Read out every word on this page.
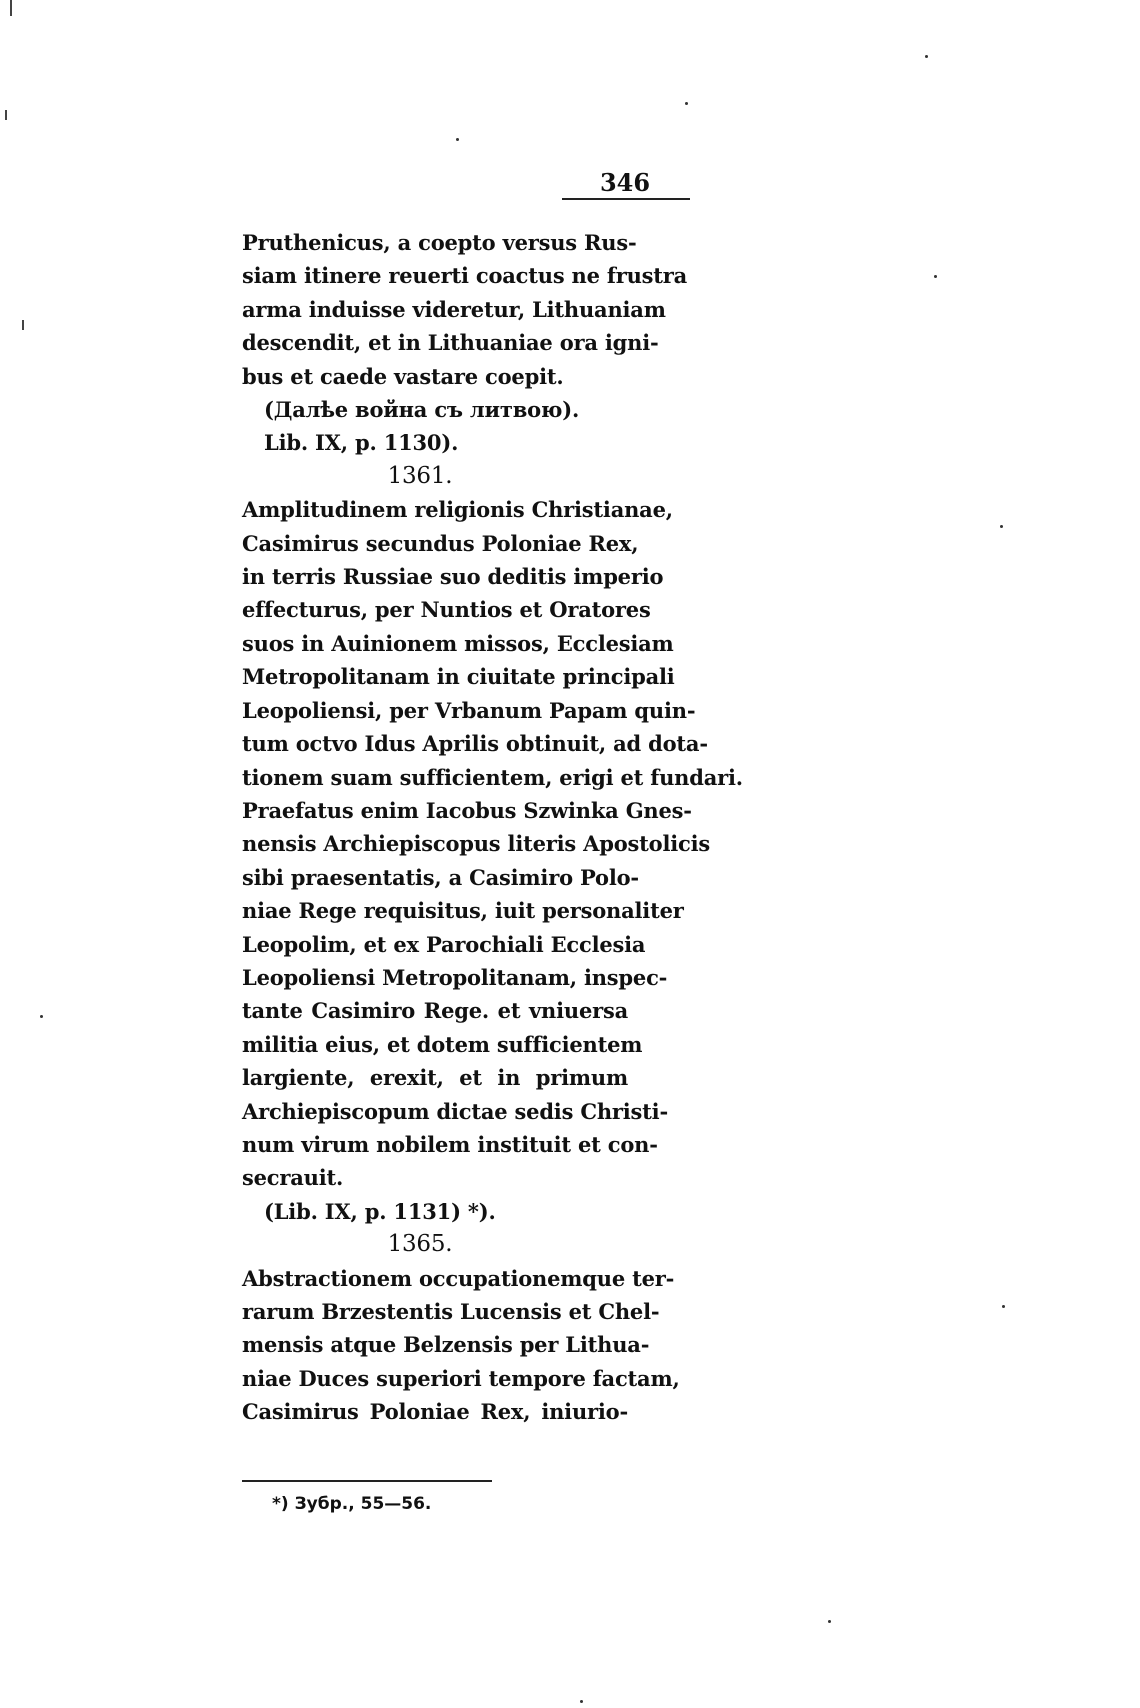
346
Pruthenicus, a coepto versus Rus-
siam itinere reuerti coactus ne frustra
arma induisse videretur, Lithuaniam
descendit, et in Lithuaniae ora igni-
bus et caede vastare coepit.
(Далѣе война съ литвою).
Lib. IX, p. 1130).
1361.
Amplitudinem religionis Christianae,
Casimirus secundus Poloniae Rex,
in terris Russiae suo deditis imperio
effecturus, per Nuntios et Oratores
suos in Auinionem missos, Ecclesiam
Metropolitanam in ciuitate principali
Leopoliensi, per Vrbanum Papam quin-
tum octvo Idus Aprilis obtinuit, ad dota-
tionem suam sufficientem, erigi et fundari.
Praefatus enim Iacobus Szwinka Gnes-
nensis Archiepiscopus literis Apostolicis
sibi praesentatis, a Casimiro Polo-
niae Rege requisitus, iuit personaliter
Leopolim, et ex Parochiali Ecclesia
Leopoliensi Metropolitanam, inspec-
tante Casimiro Rege. et vniuersa
militia eius, et dotem sufficientem
largiente, erexit, et in primum
Archiepiscopum dictae sedis Christi-
num virum nobilem instituit et con-
secrauit.
(Lib. IX, p. 1131) *).
1365.
Abstractionem occupationemque ter-
rarum Brzestentis Lucensis et Chel-
mensis atque Belzensis per Lithua-
niae Duces superiori tempore factam,
Casimirus Poloniae Rex, iniurio-
*) Зубр., 55—56.
